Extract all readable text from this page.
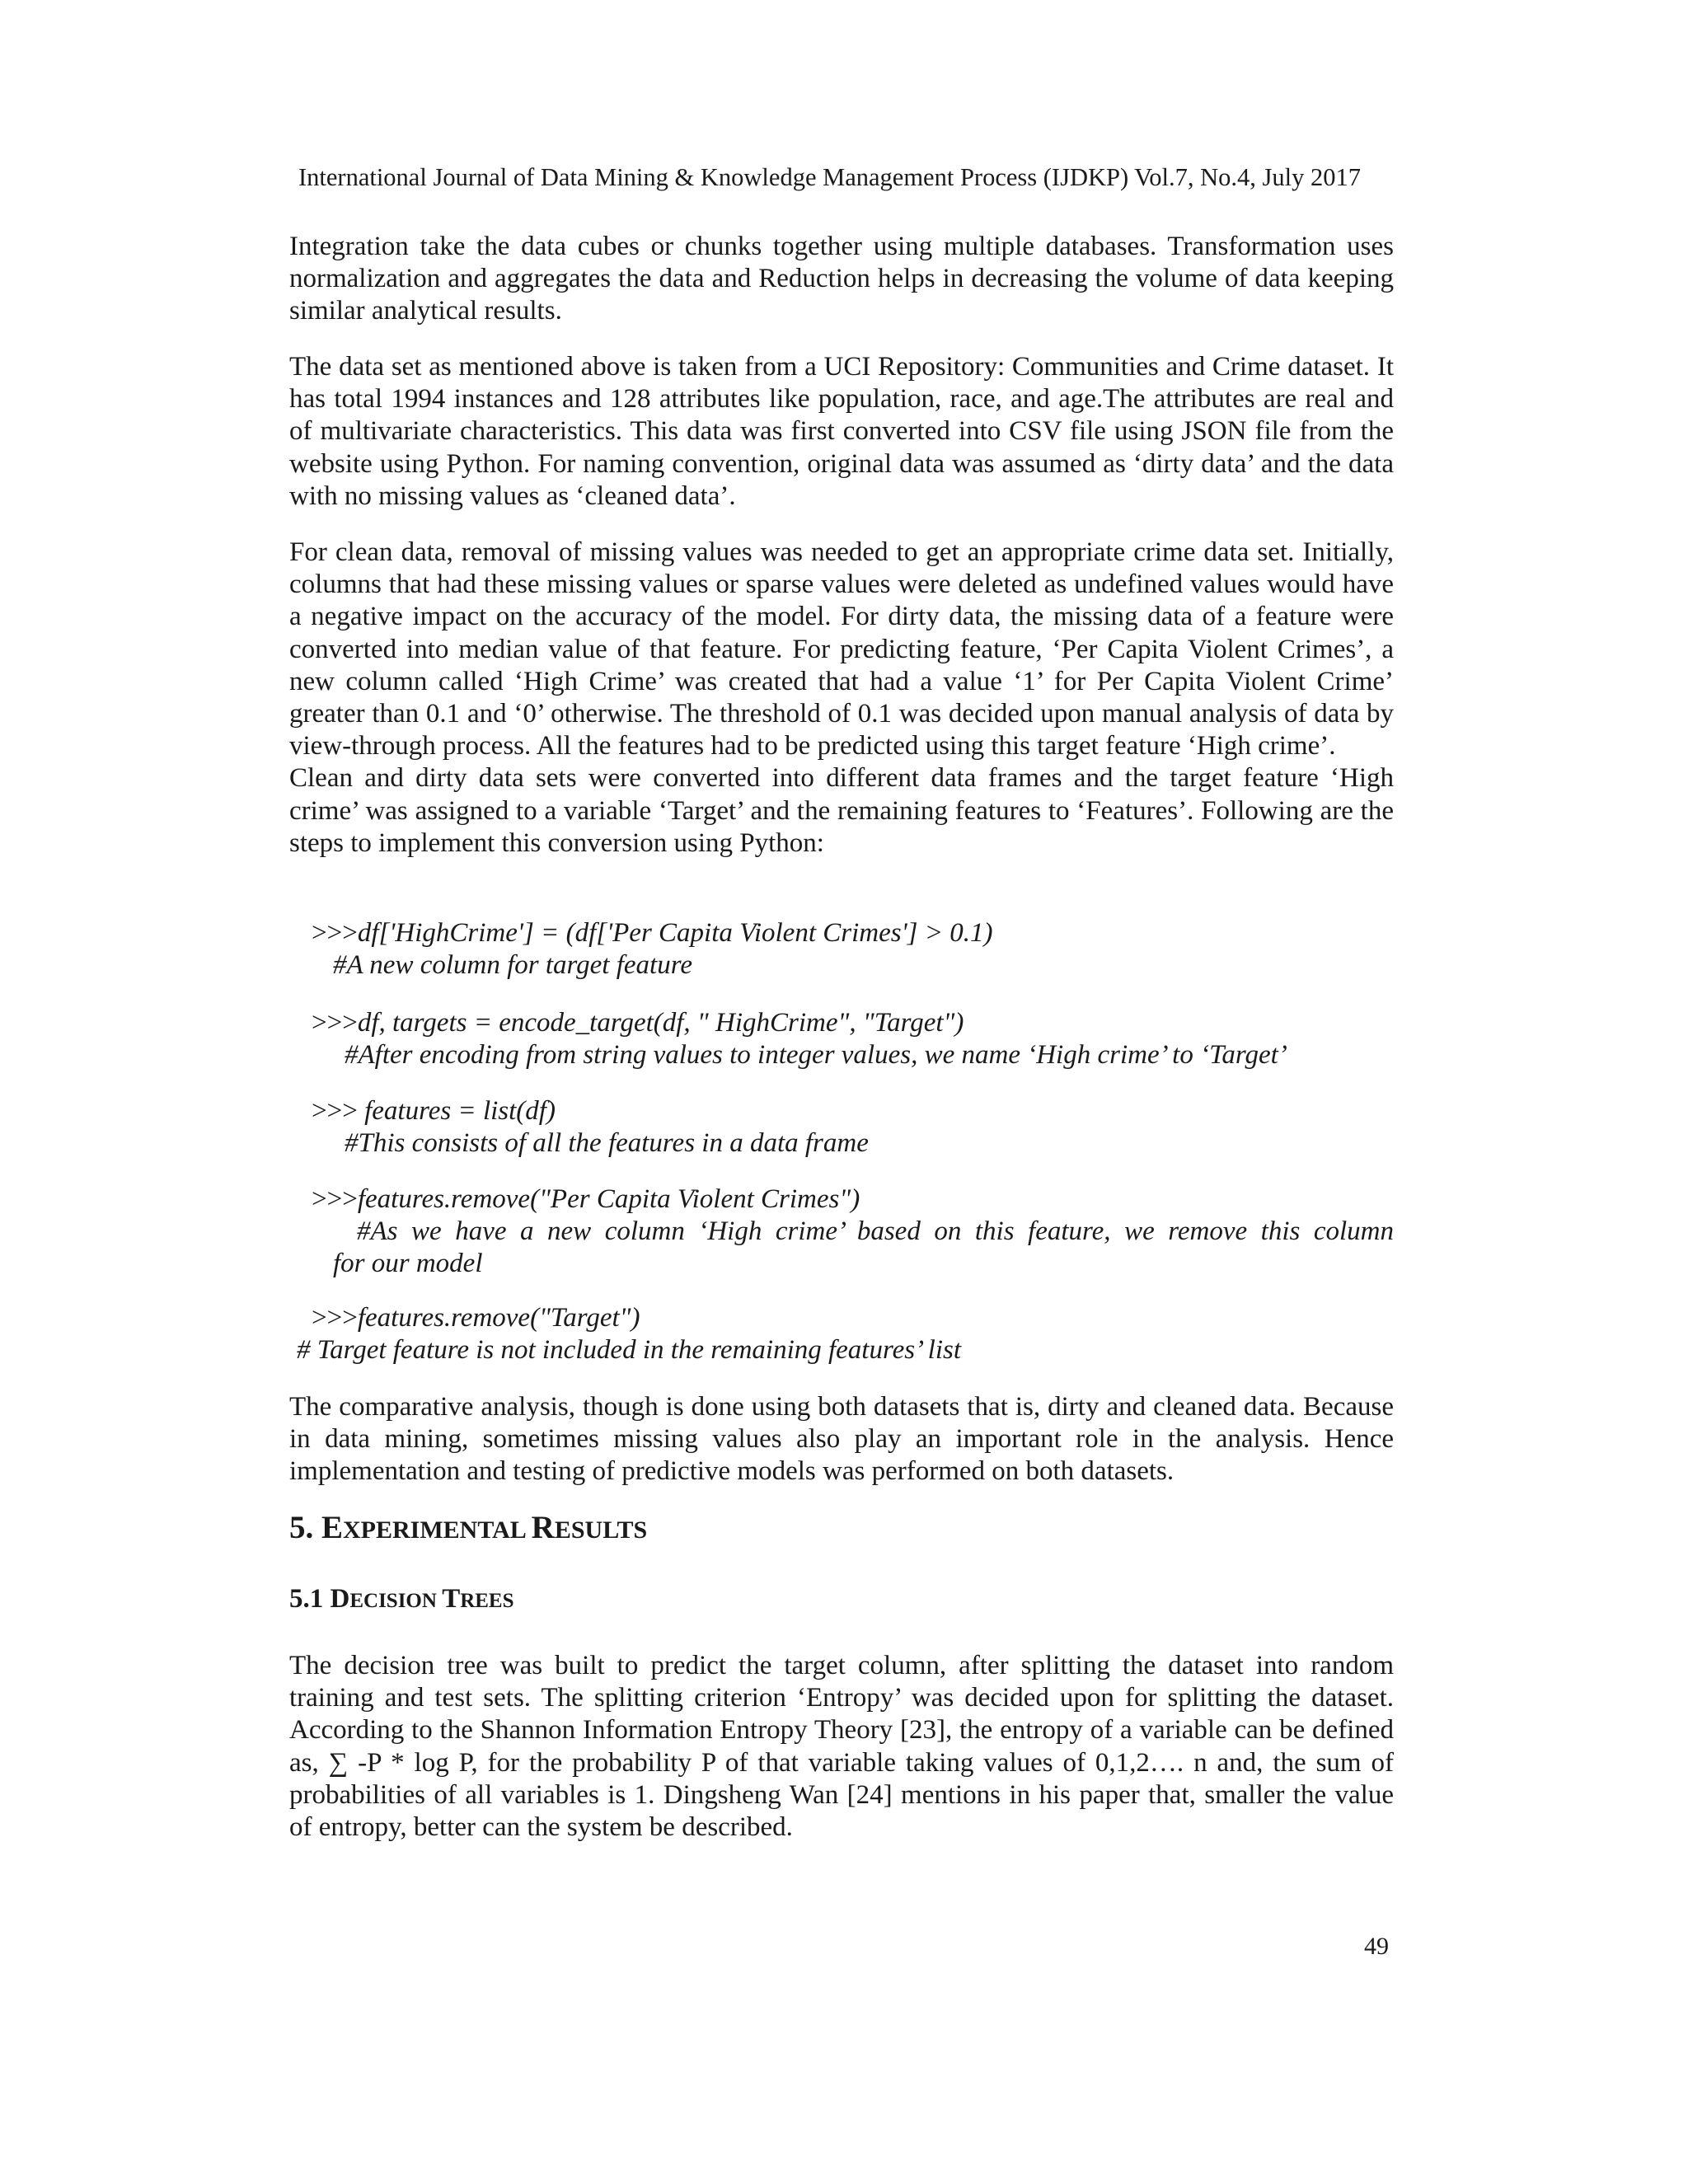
International Journal of Data Mining & Knowledge Management Process (IJDKP) Vol.7, No.4, July 2017

Integration take the data cubes or chunks together using multiple databases. Transformation uses normalization and aggregates the data and Reduction helps in decreasing the volume of data keeping similar analytical results.

The data set as mentioned above is taken from a UCI Repository: Communities and Crime dataset. It has total 1994 instances and 128 attributes like population, race, and age.The attributes are real and of multivariate characteristics. This data was first converted into CSV file using JSON file from the website using Python. For naming convention, original data was assumed as ‘dirty data’ and the data with no missing values as ‘cleaned data’.

For clean data, removal of missing values was needed to get an appropriate crime data set. Initially, columns that had these missing values or sparse values were deleted as undefined values would have a negative impact on the accuracy of the model. For dirty data, the missing data of a feature were converted into median value of that feature. For predicting feature, ‘Per Capita Violent Crimes’, a new column called ‘High Crime’ was created that had a value ‘1’ for Per Capita Violent Crime’ greater than 0.1 and ‘0’ otherwise. The threshold of 0.1 was decided upon manual analysis of data by view-through process. All the features had to be predicted using this target feature ‘High crime’.

Clean and dirty data sets were converted into different data frames and the target feature ‘High crime’ was assigned to a variable ‘Target’ and the remaining features to ‘Features’. Following are the steps to implement this conversion using Python:

>>>df['HighCrime'] = (df['Per Capita Violent Crimes'] > 0.1)

#A new column for target feature

>>>df, targets = encode_target(df, " HighCrime", "Target")

#After encoding from string values to integer values, we name ‘High crime’ to ‘Target’

>>> features = list(df)

#This consists of all the features in a data frame

>>>features.remove("Per Capita Violent Crimes")

#As we have a new column ‘High crime’ based on this feature, we remove this column

for our model

>>>features.remove("Target")

# Target feature is not included in the remaining features’ list

The comparative analysis, though is done using both datasets that is, dirty and cleaned data. Because in data mining, sometimes missing values also play an important role in the analysis. Hence implementation and testing of predictive models was performed on both datasets.

5. EXPERIMENTAL RESULTS

5.1 DECISION TREES

The decision tree was built to predict the target column, after splitting the dataset into random training and test sets. The splitting criterion ‘Entropy’ was decided upon for splitting the dataset. According to the Shannon Information Entropy Theory [23], the entropy of a variable can be defined as, ∑ -P * log P, for the probability P of that variable taking values of 0,1,2…. n and, the sum of probabilities of all variables is 1. Dingsheng Wan [24] mentions in his paper that, smaller the value of entropy, better can the system be described.

49
